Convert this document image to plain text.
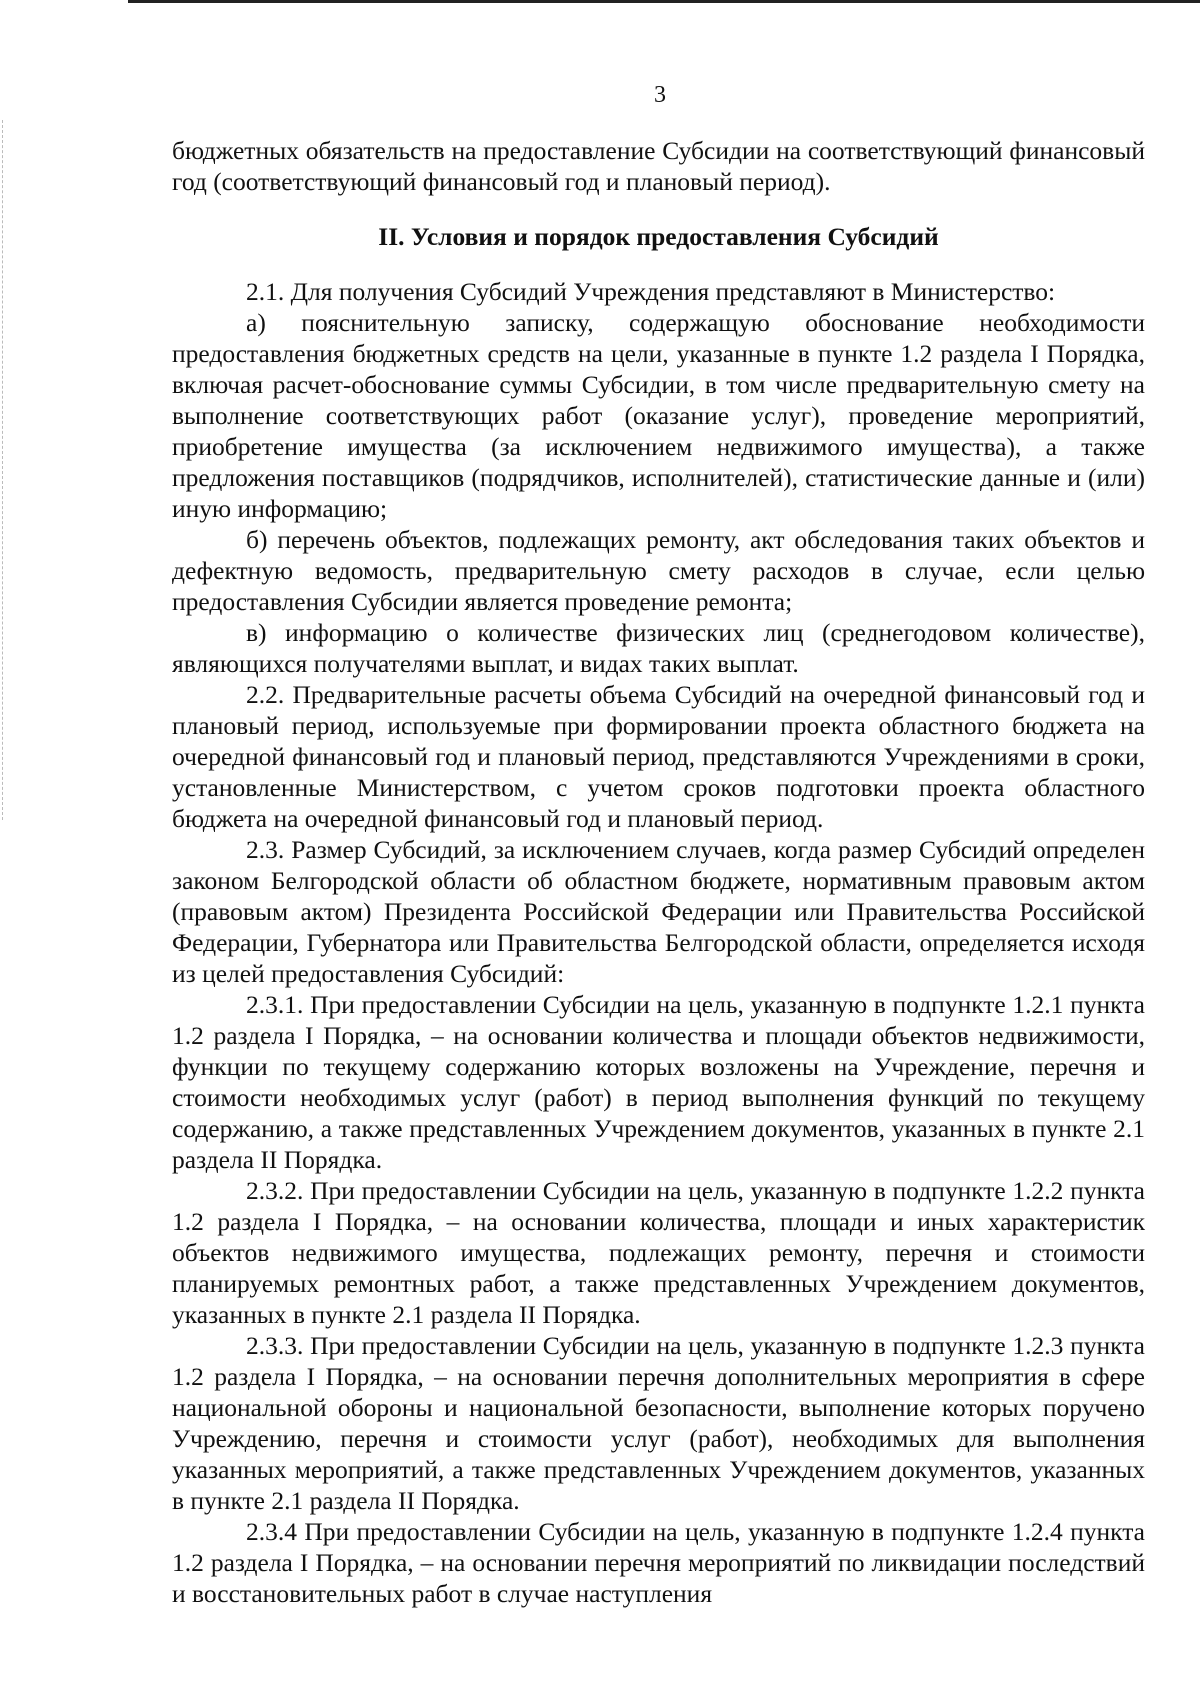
3

бюджетных обязательств на предоставление Субсидии на соответствующий финансовый год (соответствующий финансовый год и плановый период).

II. Условия и порядок предоставления Субсидий

2.1. Для получения Субсидий Учреждения представляют в Министерство:

а) пояснительную записку, содержащую обоснование необходимости предоставления бюджетных средств на цели, указанные в пункте 1.2 раздела I Порядка, включая расчет-обоснование суммы Субсидии, в том числе предварительную смету на выполнение соответствующих работ (оказание услуг), проведение мероприятий, приобретение имущества (за исключением недвижимого имущества), а также предложения поставщиков (подрядчиков, исполнителей), статистические данные и (или) иную информацию;

б) перечень объектов, подлежащих ремонту, акт обследования таких объектов и дефектную ведомость, предварительную смету расходов в случае, если целью предоставления Субсидии является проведение ремонта;

в) информацию о количестве физических лиц (среднегодовом количестве), являющихся получателями выплат, и видах таких выплат.

2.2. Предварительные расчеты объема Субсидий на очередной финансовый год и плановый период, используемые при формировании проекта областного бюджета на очередной финансовый год и плановый период, представляются Учреждениями в сроки, установленные Министерством, с учетом сроков подготовки проекта областного бюджета на очередной финансовый год и плановый период.

2.3. Размер Субсидий, за исключением случаев, когда размер Субсидий определен законом Белгородской области об областном бюджете, нормативным правовым актом (правовым актом) Президента Российской Федерации или Правительства Российской Федерации, Губернатора или Правительства Белгородской области, определяется исходя из целей предоставления Субсидий:

2.3.1. При предоставлении Субсидии на цель, указанную в подпункте 1.2.1 пункта 1.2 раздела I Порядка, – на основании количества и площади объектов недвижимости, функции по текущему содержанию которых возложены на Учреждение, перечня и стоимости необходимых услуг (работ) в период выполнения функций по текущему содержанию, а также представленных Учреждением документов, указанных в пункте 2.1 раздела II Порядка.

2.3.2. При предоставлении Субсидии на цель, указанную в подпункте 1.2.2 пункта 1.2 раздела I Порядка, – на основании количества, площади и иных характеристик объектов недвижимого имущества, подлежащих ремонту, перечня и стоимости планируемых ремонтных работ, а также представленных Учреждением документов, указанных в пункте 2.1 раздела II Порядка.

2.3.3. При предоставлении Субсидии на цель, указанную в подпункте 1.2.3 пункта 1.2 раздела I Порядка, – на основании перечня дополнительных мероприятия в сфере национальной обороны и национальной безопасности, выполнение которых поручено Учреждению, перечня и стоимости услуг (работ), необходимых для выполнения указанных мероприятий, а также представленных Учреждением документов, указанных в пункте 2.1 раздела II Порядка.

2.3.4 При предоставлении Субсидии на цель, указанную в подпункте 1.2.4 пункта 1.2 раздела I Порядка, – на основании перечня мероприятий по ликвидации последствий и восстановительных работ в случае наступления
